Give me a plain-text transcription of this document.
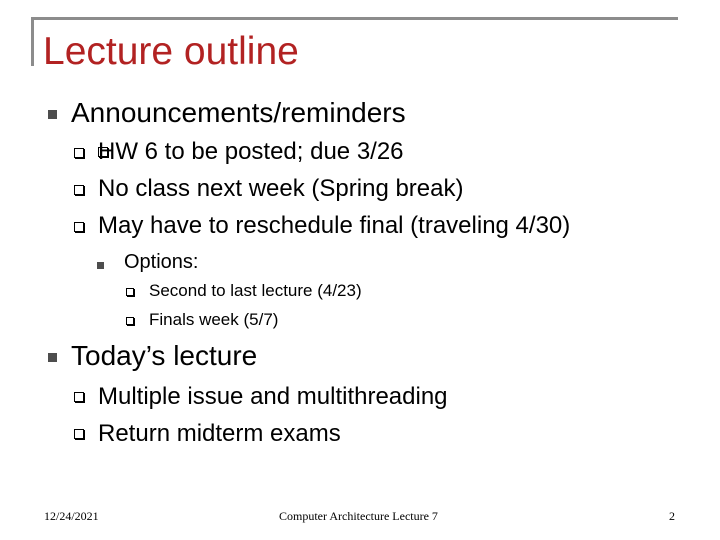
Lecture outline
Announcements/reminders
HW 6 to be posted; due 3/26
No class next week (Spring break)
May have to reschedule final (traveling 4/30)
Options:
Second to last lecture (4/23)
Finals week (5/7)
Today’s lecture
Multiple issue and multithreading
Return midterm exams
12/24/2021	Computer Architecture Lecture 7	2
